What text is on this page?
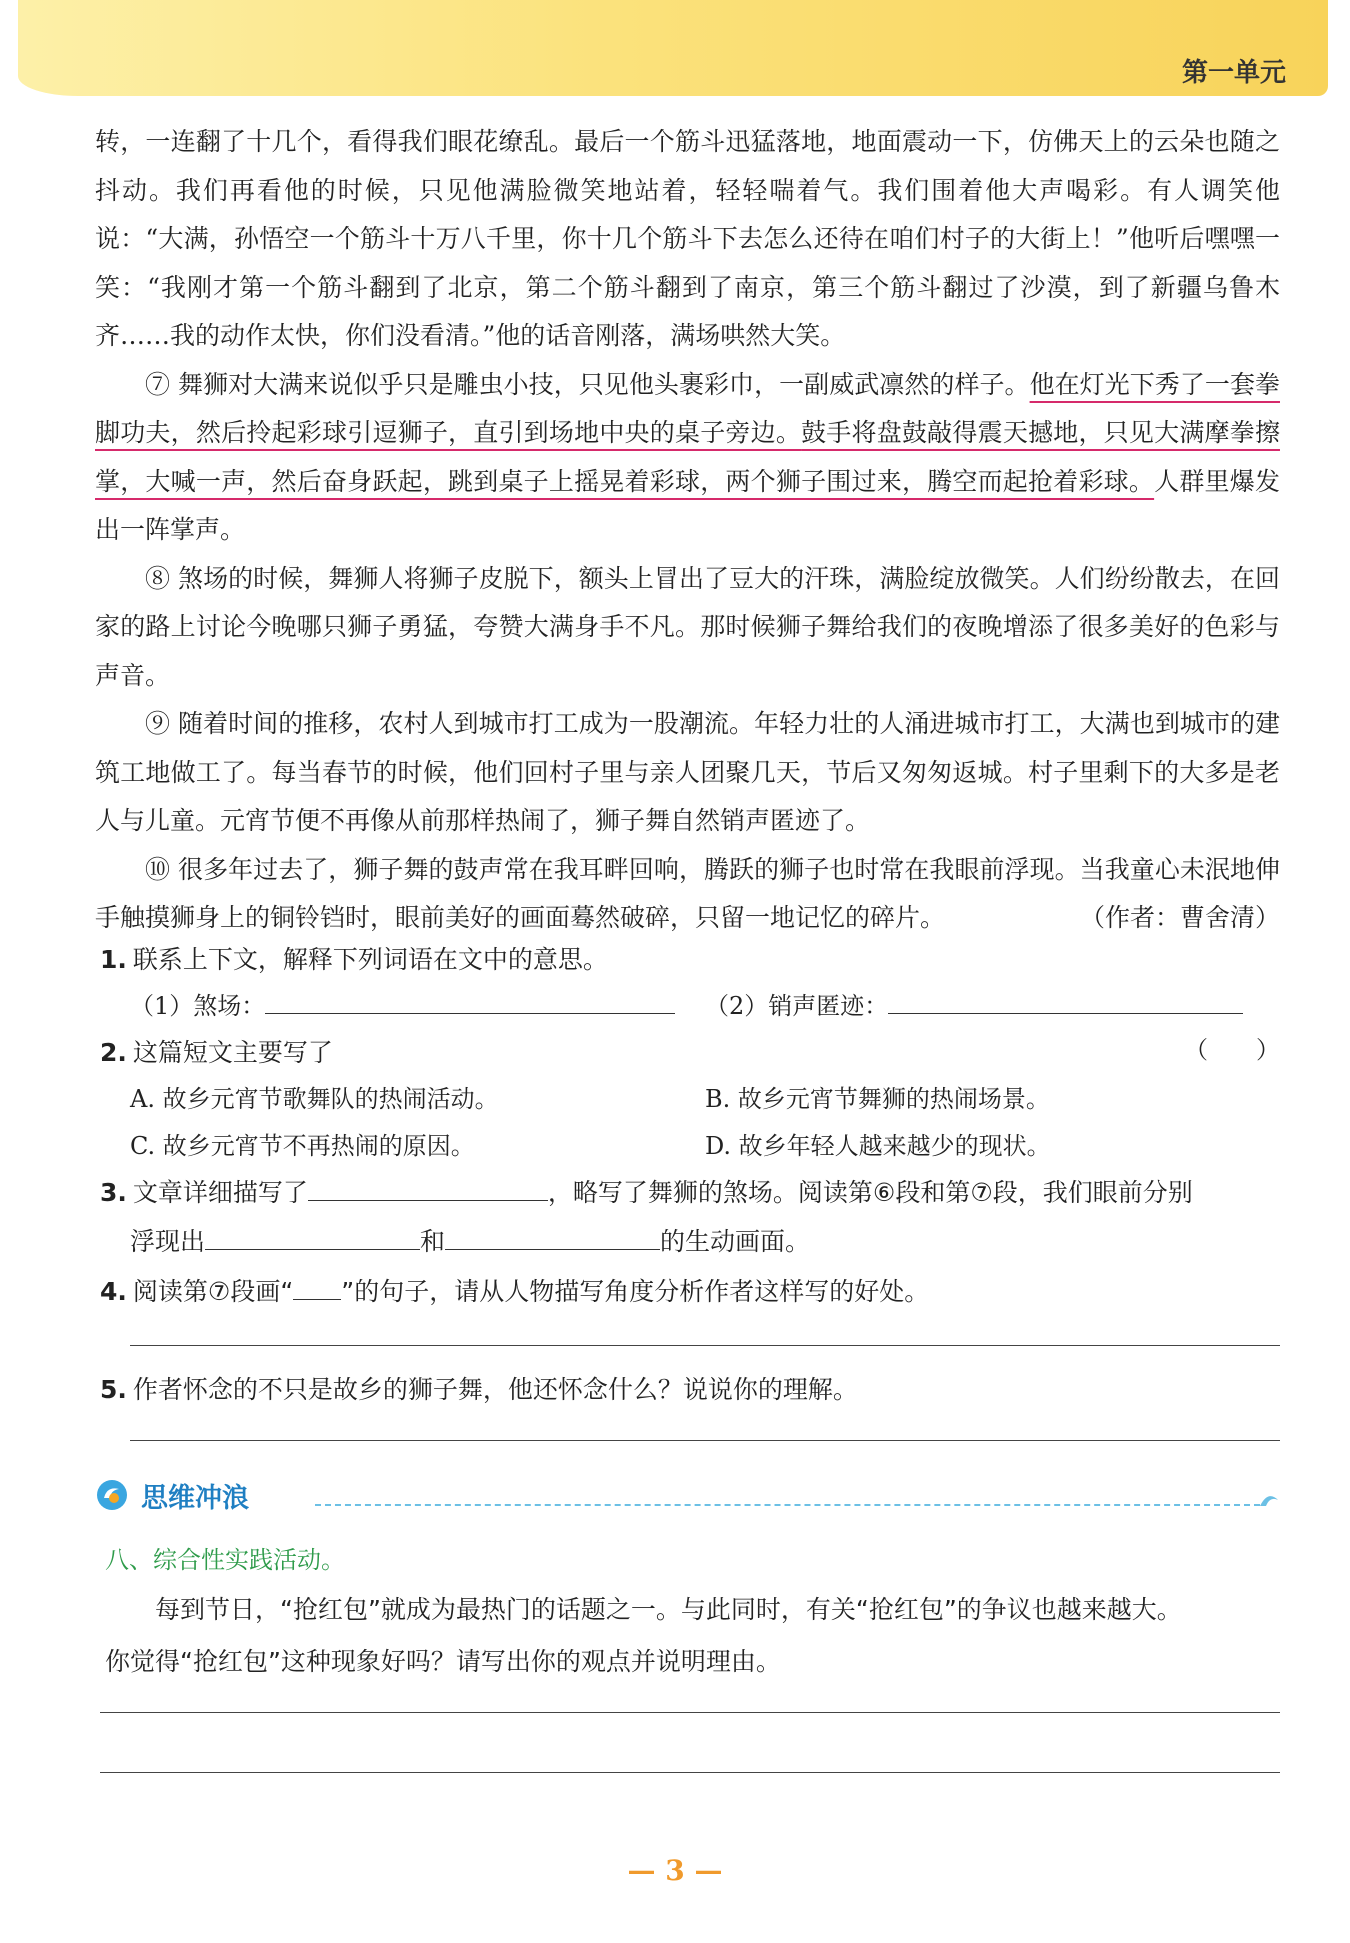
第一单元

转，一连翻了十几个，看得我们眼花缭乱。最后一个筋斗迅猛落地，地面震动一下，仿佛天上的云朵也随之抖动。我们再看他的时候，只见他满脸微笑地站着，轻轻喘着气。我们围着他大声喝彩。有人调笑他说：“大满，孙悟空一个筋斗十万八千里，你十几个筋斗下去怎么还待在咱们村子的大街上！”他听后嘿嘿一笑：“我刚才第一个筋斗翻到了北京，第二个筋斗翻到了南京，第三个筋斗翻过了沙漠，到了新疆乌鲁木齐……我的动作太快，你们没看清。”他的话音刚落，满场哄然大笑。

⑦ 舞狮对大满来说似乎只是雕虫小技，只见他头裹彩巾，一副威武凛然的样子。他在灯光下秀了一套拳脚功夫，然后拎起彩球引逗狮子，直引到场地中央的桌子旁边。鼓手将盘鼓敲得震天撼地，只见大满摩拳擦掌，大喊一声，然后奋身跃起，跳到桌子上摇晃着彩球，两个狮子围过来，腾空而起抢着彩球。人群里爆发出一阵掌声。

⑧ 煞场的时候，舞狮人将狮子皮脱下，额头上冒出了豆大的汗珠，满脸绽放微笑。人们纷纷散去，在回家的路上讨论今晚哪只狮子勇猛，夸赞大满身手不凡。那时候狮子舞给我们的夜晚增添了很多美好的色彩与声音。

⑨ 随着时间的推移，农村人到城市打工成为一股潮流。年轻力壮的人涌进城市打工，大满也到城市的建筑工地做工了。每当春节的时候，他们回村子里与亲人团聚几天，节后又匆匆返城。村子里剩下的大多是老人与儿童。元宵节便不再像从前那样热闹了，狮子舞自然销声匿迹了。

⑩ 很多年过去了，狮子舞的鼓声常在我耳畔回响，腾跃的狮子也时常在我眼前浮现。当我童心未泯地伸手触摸狮身上的铜铃铛时，眼前美好的画面蓦然破碎，只留一地记忆的碎片。	（作者：曹舍清）

1. 联系上下文，解释下列词语在文中的意思。
（1）煞场：	（2）销声匿迹：
2. 这篇短文主要写了	（　　）
A. 故乡元宵节歌舞队的热闹活动。	B. 故乡元宵节舞狮的热闹场景。
C. 故乡元宵节不再热闹的原因。	D. 故乡年轻人越来越少的现状。
3. 文章详细描写了	，略写了舞狮的煞场。阅读第⑥段和第⑦段，我们眼前分别
浮现出	和	的生动画面。
4. 阅读第⑦段画“ ”的句子，请从人物描写角度分析作者这样写的好处。
5. 作者怀念的不只是故乡的狮子舞，他还怀念什么？说说你的理解。
思维冲浪
八、综合性实践活动。

每到节日，“抢红包”就成为最热门的话题之一。与此同时，有关“抢红包”的争议也越来越大。

你觉得“抢红包”这种现象好吗？请写出你的观点并说明理由。

— 3 —
